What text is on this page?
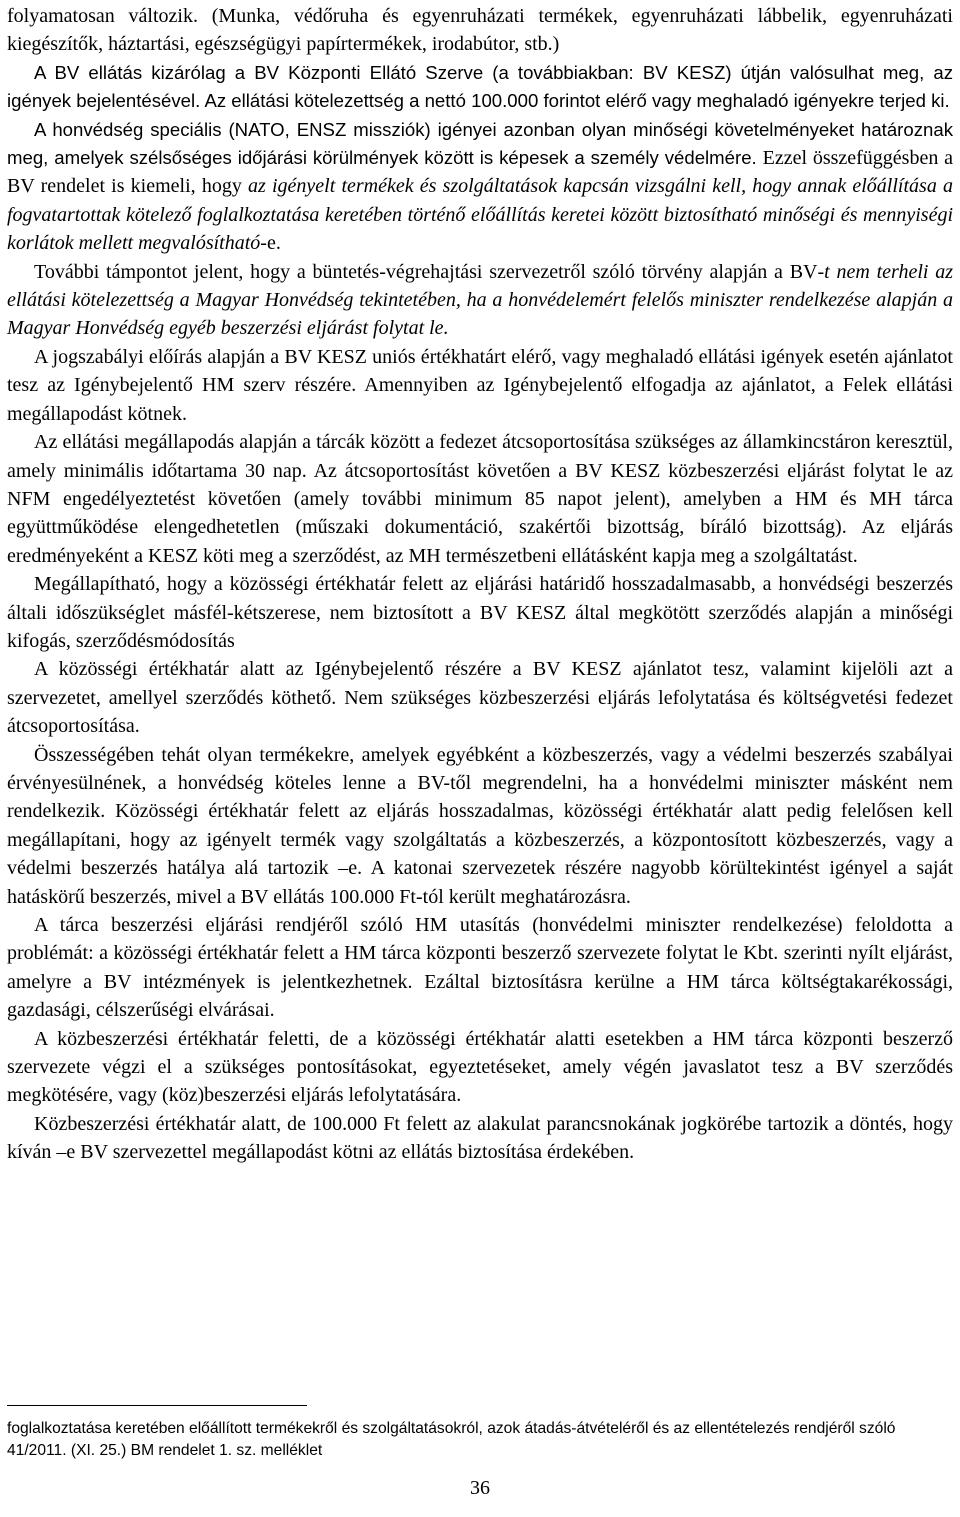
folyamatosan változik. (Munka, védőruha és egyenruházati termékek, egyenruházati lábbelik, egyenruházati kiegészítők, háztartási, egészségügyi papírtermékek, irodabútor, stb.)

A BV ellátás kizárólag a BV Központi Ellátó Szerve (a továbbiakban: BV KESZ) útján valósulhat meg, az igények bejelentésével. Az ellátási kötelezettség a nettó 100.000 forintot elérő vagy meghaladó igényekre terjed ki.

A honvédség speciális (NATO, ENSZ missziók) igényei azonban olyan minőségi követelményeket határoznak meg, amelyek szélsőséges időjárási körülmények között is képesek a személy védelmére. Ezzel összefüggésben a BV rendelet is kiemeli, hogy az igényelt termékek és szolgáltatások kapcsán vizsgálni kell, hogy annak előállítása a fogvatartottak kötelező foglalkoztatása keretében történő előállítás keretei között biztosítható minőségi és mennyiségi korlátok mellett megvalósítható-e.

További támpontot jelent, hogy a büntetés-végrehajtási szervezetről szóló törvény alapján a BV-t nem terheli az ellátási kötelezettség a Magyar Honvédség tekintetében, ha a honvédelemért felelős miniszter rendelkezése alapján a Magyar Honvédség egyéb beszerzési eljárást folytat le.

A jogszabályi előírás alapján a BV KESZ uniós értékhatárt elérő, vagy meghaladó ellátási igények esetén ajánlatot tesz az Igénybejelentő HM szerv részére. Amennyiben az Igénybejelentő elfogadja az ajánlatot, a Felek ellátási megállapodást kötnek.

Az ellátási megállapodás alapján a tárcák között a fedezet átcsoportosítása szükséges az államkincstáron keresztül, amely minimális időtartama 30 nap. Az átcsoportosítást követően a BV KESZ közbeszerzési eljárást folytat le az NFM engedélyeztetést követően (amely további minimum 85 napot jelent), amelyben a HM és MH tárca együttműködése elengedhetetlen (műszaki dokumentáció, szakértői bizottság, bíráló bizottság). Az eljárás eredményeként a KESZ köti meg a szerződést, az MH természetbeni ellátásként kapja meg a szolgáltatást.

Megállapítható, hogy a közösségi értékhatár felett az eljárási határidő hosszadalmasabb, a honvédségi beszerzés általi időszükséglet másfél-kétszerese, nem biztosított a BV KESZ által megkötött szerződés alapján a minőségi kifogás, szerződésmódosítás

A közösségi értékhatár alatt az Igénybejelentő részére a BV KESZ ajánlatot tesz, valamint kijelöli azt a szervezetet, amellyel szerződés köthető. Nem szükséges közbeszerzési eljárás lefolytatása és költségvetési fedezet átcsoportosítása.

Összességében tehát olyan termékekre, amelyek egyébként a közbeszerzés, vagy a védelmi beszerzés szabályai érvényesülnének, a honvédség köteles lenne a BV-től megrendelni, ha a honvédelmi miniszter másként nem rendelkezik. Közösségi értékhatár felett az eljárás hosszadalmas, közösségi értékhatár alatt pedig felelősen kell megállapítani, hogy az igényelt termék vagy szolgáltatás a közbeszerzés, a központosított közbeszerzés, vagy a védelmi beszerzés hatálya alá tartozik –e. A katonai szervezetek részére nagyobb körültekintést igényel a saját hatáskörű beszerzés, mivel a BV ellátás 100.000 Ft-tól került meghatározásra.

A tárca beszerzési eljárási rendjéről szóló HM utasítás (honvédelmi miniszter rendelkezése) feloldotta a problémát: a közösségi értékhatár felett a HM tárca központi beszerző szervezete folytat le Kbt. szerinti nyílt eljárást, amelyre a BV intézmények is jelentkezhetnek. Ezáltal biztosításra kerülne a HM tárca költségtakarékossági, gazdasági, célszerűségi elvárásai.

A közbeszerzési értékhatár feletti, de a közösségi értékhatár alatti esetekben a HM tárca központi beszerző szervezete végzi el a szükséges pontosításokat, egyeztetéseket, amely végén javaslatot tesz a BV szerződés megkötésére, vagy (köz)beszerzési eljárás lefolytatására.

Közbeszerzési értékhatár alatt, de 100.000 Ft felett az alakulat parancsnokának jogkörébe tartozik a döntés, hogy kíván –e BV szervezettel megállapodást kötni az ellátás biztosítása érdekében.

foglalkoztatása keretében előállított termékekről és szolgáltatásokról, azok átadás-átvételéről és az ellentételezés rendjéről szóló 41/2011. (XI. 25.) BM rendelet 1. sz. melléklet

36
